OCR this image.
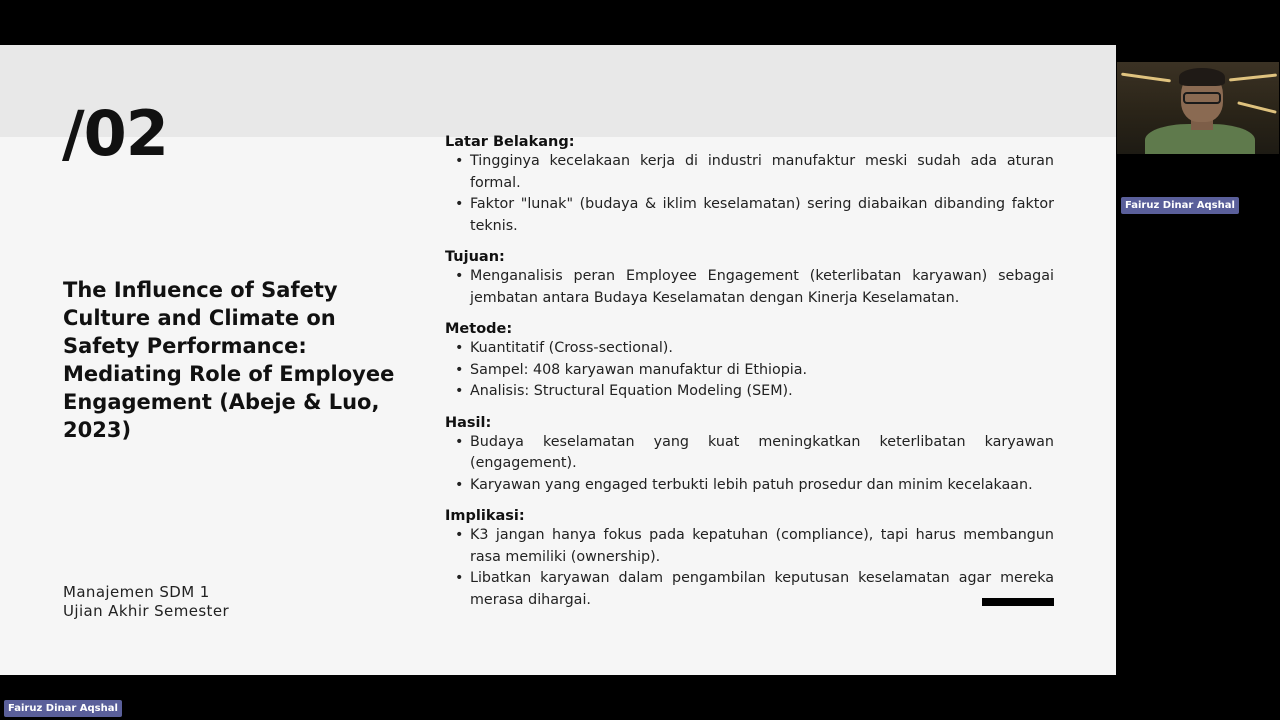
/02
The Influence of Safety Culture and Climate on Safety Performance: Mediating Role of Employee Engagement (Abeje & Luo, 2023)
Manajemen SDM 1
Ujian Akhir Semester
Latar Belakang:
• Tingginya kecelakaan kerja di industri manufaktur meski sudah ada aturan formal.
• Faktor "lunak" (budaya & iklim keselamatan) sering diabaikan dibanding faktor teknis.
Tujuan:
• Menganalisis peran Employee Engagement (keterlibatan karyawan) sebagai jembatan antara Budaya Keselamatan dengan Kinerja Keselamatan.
Metode:
• Kuantitatif (Cross-sectional).
• Sampel: 408 karyawan manufaktur di Ethiopia.
• Analisis: Structural Equation Modeling (SEM).
Hasil:
• Budaya keselamatan yang kuat meningkatkan keterlibatan karyawan (engagement).
• Karyawan yang engaged terbukti lebih patuh prosedur dan minim kecelakaan.
Implikasi:
• K3 jangan hanya fokus pada kepatuhan (compliance), tapi harus membangun rasa memiliki (ownership).
• Libatkan karyawan dalam pengambilan keputusan keselamatan agar mereka merasa dihargai.
Fairuz Dinar Aqshal
Fairuz Dinar Aqshal
